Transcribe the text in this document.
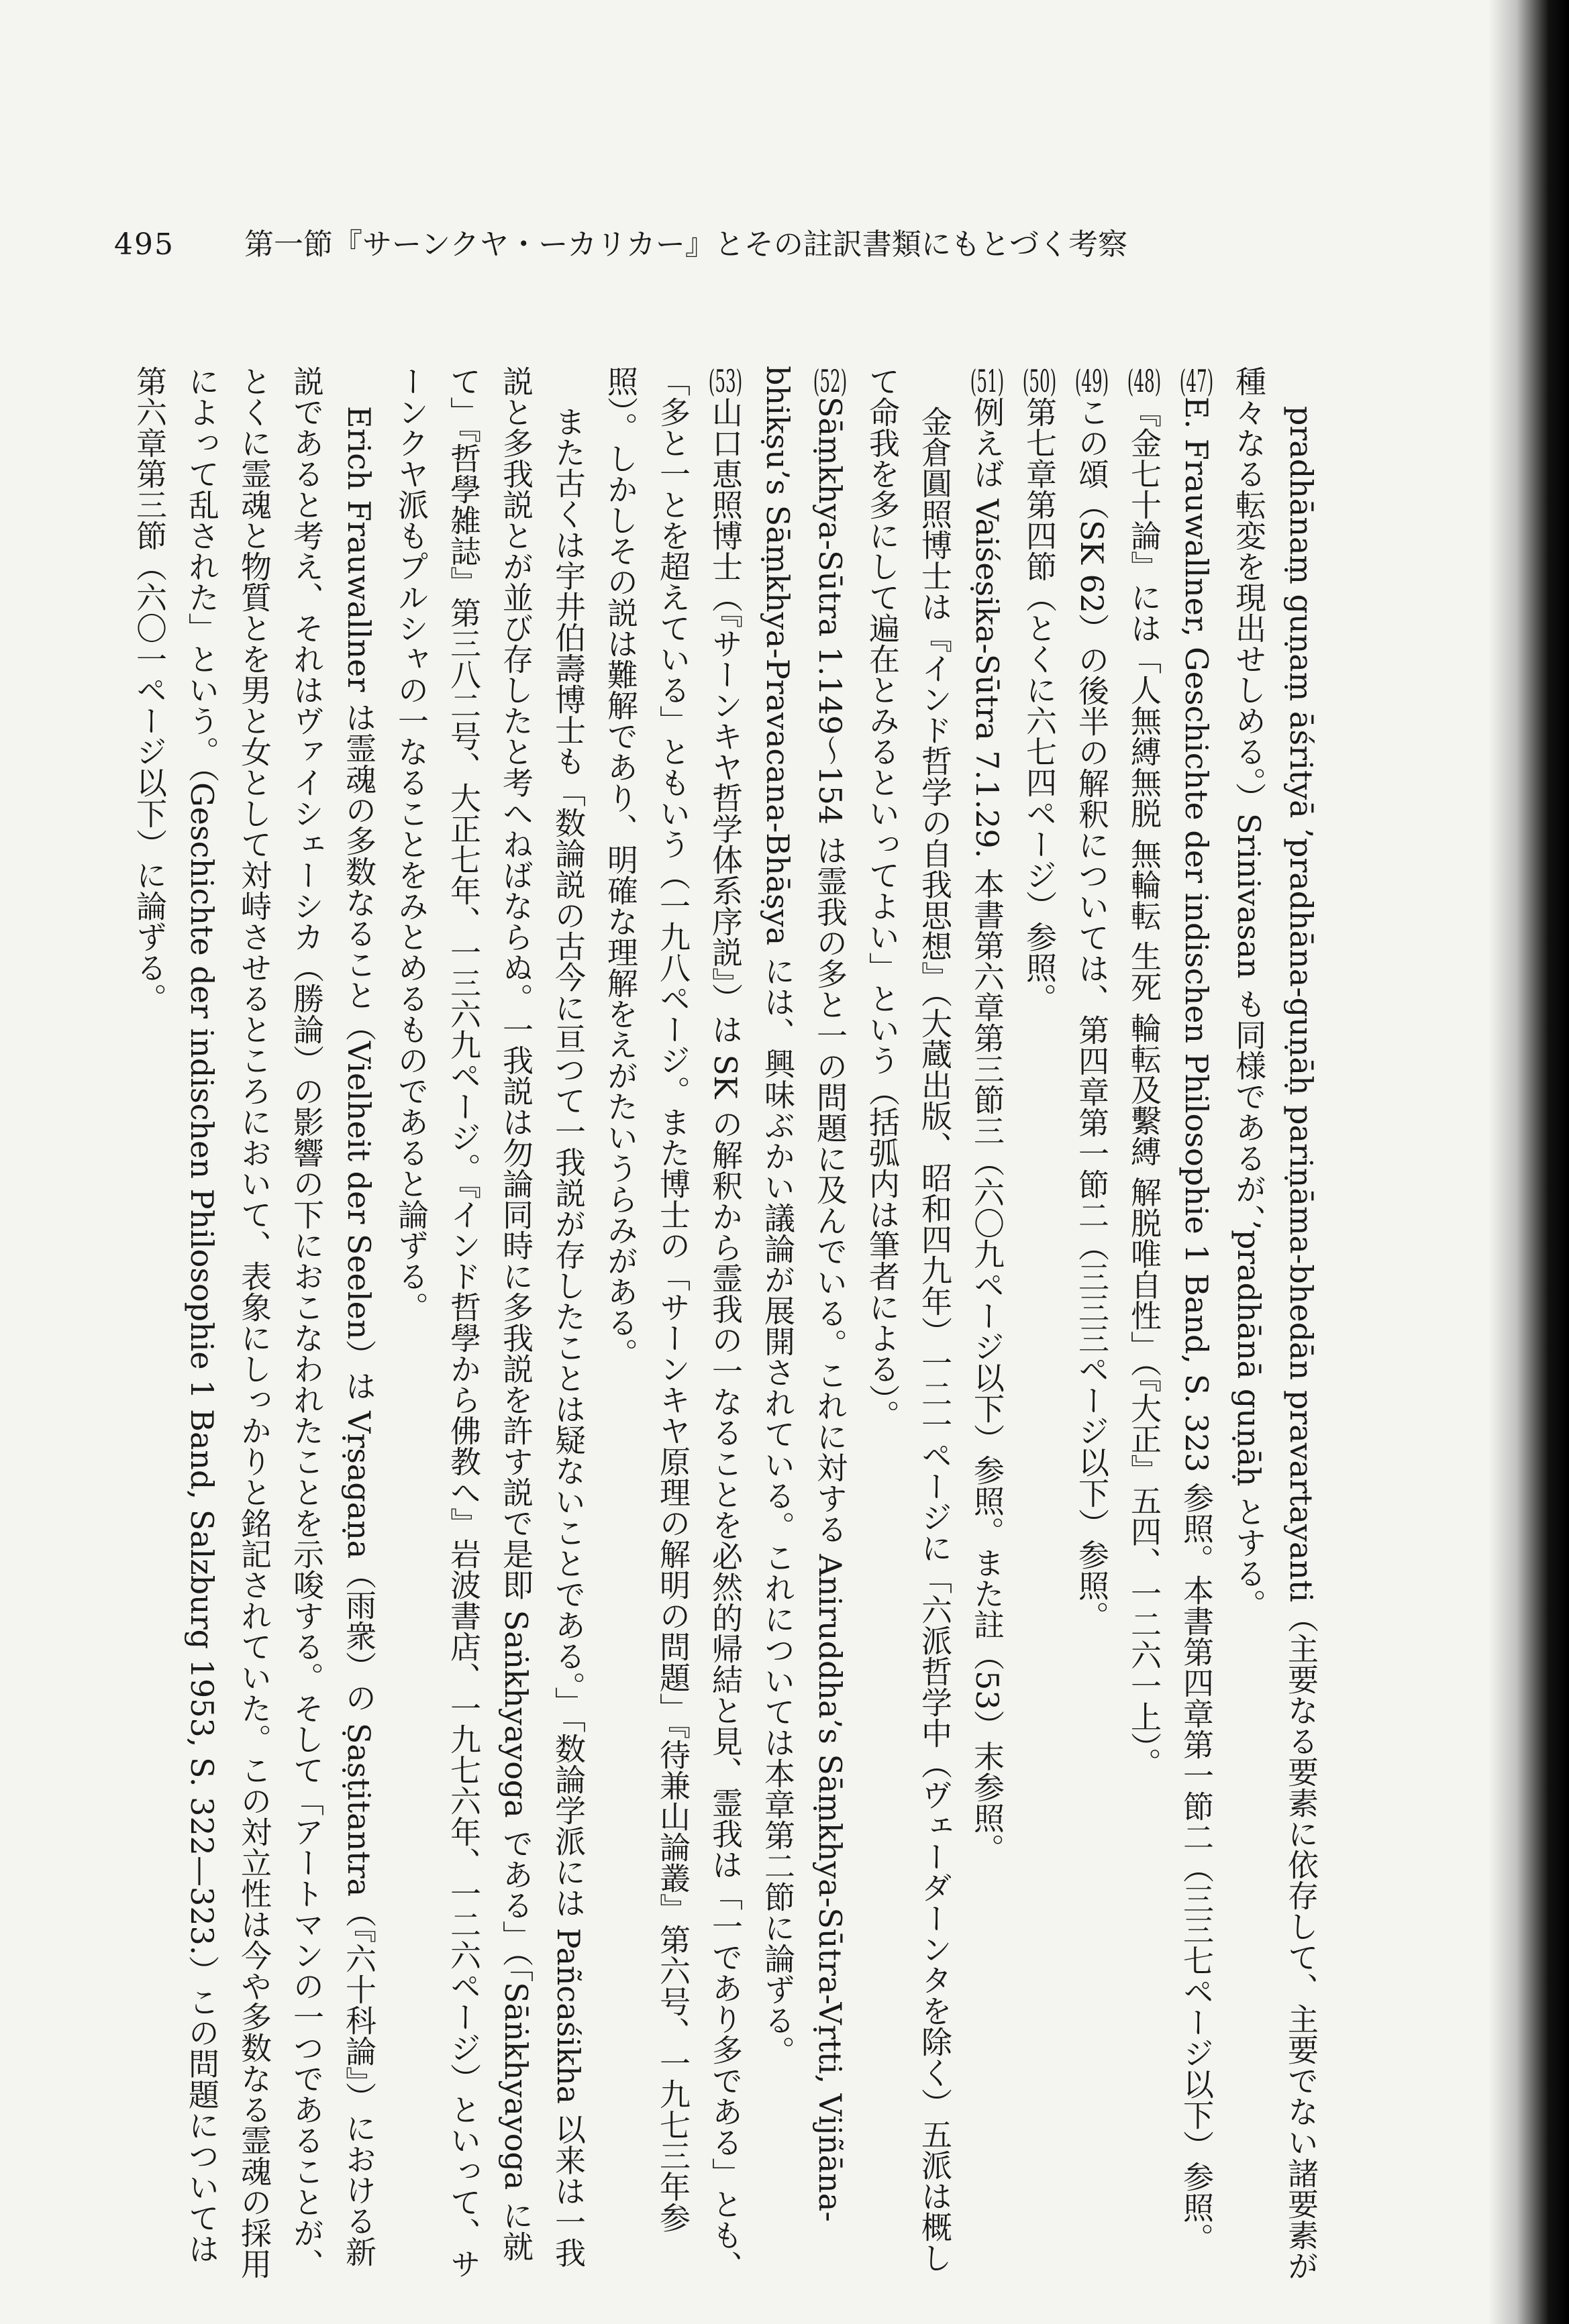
495 第一節『サーンクヤ・ーカリカー』とその註訳書類にもとづく考察

pradhānaṃ guṇaṃ āśrityā ’pradhāna-guṇāḥ pariṇāma-bhedān pravartayanti（主要なる要素に依存して、主要でない諸要素が種々なる転変を現出せしめる。）Srinivasan も同様であるが、’pradhānā guṇāḥ とする。

(47)E. Frauwallner, Geschichte der indischen Philosophie 1 Band, S. 323 参照。本書第四章第一節二（三三七ページ以下）参照。

(48)『金七十論』には「人無縛無脱 無輪転 生死 輪転及繫縛 解脱唯自性」（『大正』五四、一二六一上）。

(49)この頌（SK 62）の後半の解釈については、第四章第一節二（三三三ページ以下）参照。

(50)第七章第四節（とくに六七四ページ）参照。

(51)例えば Vaiśeṣika-Sūtra 7.1.29. 本書第六章第三節三（六〇九ページ以下）参照。また註（53）末参照。

金倉圓照博士は『インド哲学の自我思想』（大蔵出版、昭和四九年）一二一ページに「六派哲学中（ヴェーダーンタを除く）五派は概して命我を多にして遍在とみるといってよい」という（括弧内は筆者による）。

(52)Sāṃkhya-Sūtra 1.149〜154 は霊我の多と一の問題に及んでいる。これに対する Aniruddha’s Sāṃkhya-Sūtra-Vṛtti, Vijñāna-bhikṣu’s Sāṃkhya-Pravacana-Bhāṣya には、興味ぶかい議論が展開されている。これについては本章第二節に論ずる。

(53)山口恵照博士（『サーンキヤ哲学体系序説』）は SK の解釈から霊我の一なることを必然的帰結と見、霊我は「一であり多である」とも、「多と一とを超えている」ともいう（一九八ページ。また博士の「サーンキヤ原理の解明の問題」『待兼山論叢』第六号、一九七三年参照）。しかしその説は難解であり、明確な理解をえがたいうらみがある。

また古くは宇井伯壽博士も「数論説の古今に亘つて一我説が存したことは疑ないことである。」「数論学派には Pañcaśikha 以来は一我説と多我説とが並び存したと考へねばならぬ。一我説は勿論同時に多我説を許す説で是即 Saṅkhyayoga である」（「Sāṅkhyayoga に就て」『哲學雑誌』第三八二号、大正七年、一三六九ページ。『インド哲學から佛教へ』岩波書店、一九七六年、一二六ページ）といって、サーンクヤ派もプルシャの一なることをみとめるものであると論ずる。

Erich Frauwallner は霊魂の多数なること（Vielheit der Seelen）は Vṛṣagaṇa（雨衆）の Ṣaṣṭitantra（『六十科論』）における新説であると考え、それはヴァイシェーシカ（勝論）の影響の下におこなわれたことを示唆する。そして「アートマンの一つであることが、とくに霊魂と物質とを男と女として対峙させるところにおいて、表象にしっかりと銘記されていた。この対立性は今や多数なる霊魂の採用によって乱された」という。（Geschichte der indischen Philosophie 1 Band, Salzburg 1953, S. 322—323.）この問題については第六章第三節（六〇一ページ以下）に論ずる。
